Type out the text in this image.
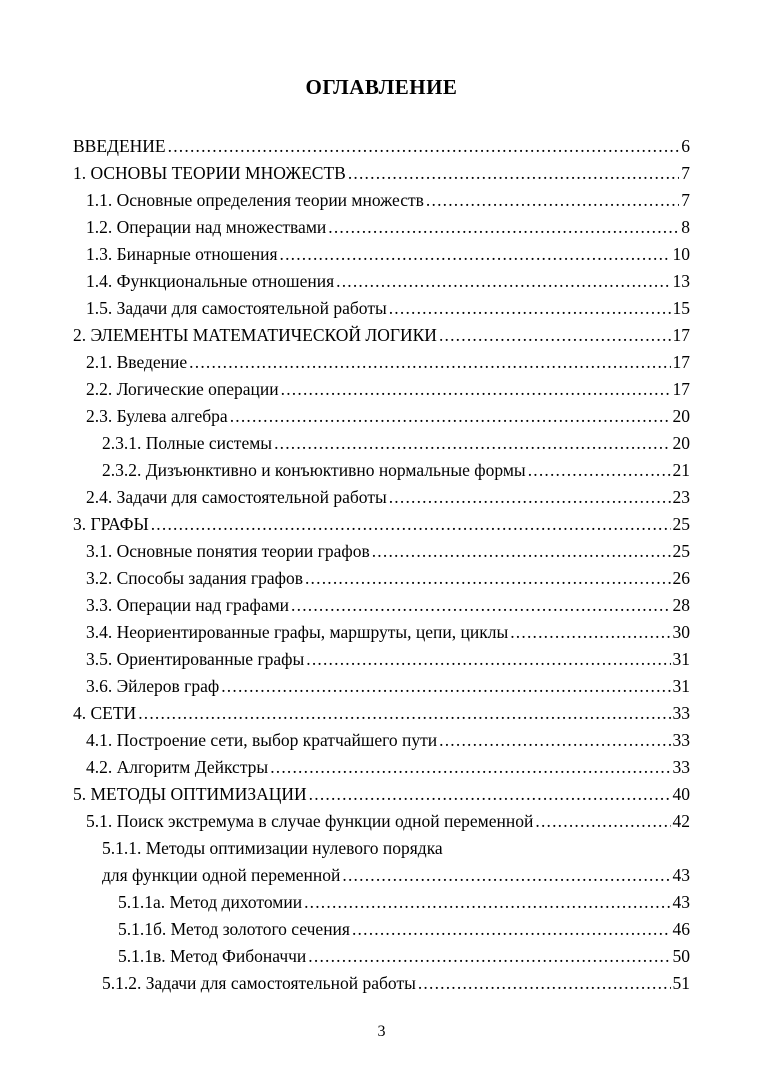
ОГЛАВЛЕНИЕ
ВВЕДЕНИЕ .....	6
1. ОСНОВЫ ТЕОРИИ МНОЖЕСТВ .....	7
1.1. Основные определения теории множеств .....	7
1.2. Операции над множествами .....	8
1.3. Бинарные отношения .....	10
1.4. Функциональные отношения .....	13
1.5. Задачи для самостоятельной работы .....	15
2. ЭЛЕМЕНТЫ МАТЕМАТИЧЕСКОЙ ЛОГИКИ .....	17
2.1. Введение .....	17
2.2. Логические операции .....	17
2.3. Булева алгебра .....	20
2.3.1. Полные системы .....	20
2.3.2. Дизъюнктивно и конъюктивно нормальные формы .....	21
2.4. Задачи для самостоятельной работы .....	23
3. ГРАФЫ .....	25
3.1. Основные понятия теории графов .....	25
3.2. Способы задания графов .....	26
3.3. Операции над графами .....	28
3.4. Неориентированные графы, маршруты, цепи, циклы .....	30
3.5. Ориентированные графы .....	31
3.6. Эйлеров граф .....	31
4. СЕТИ .....	33
4.1. Построение сети, выбор кратчайшего пути .....	33
4.2. Алгоритм Дейкстры .....	33
5. МЕТОДЫ ОПТИМИЗАЦИИ .....	40
5.1. Поиск экстремума в случае функции одной переменной .....	42
5.1.1. Методы оптимизации нулевого порядка
для функции одной переменной .....	43
5.1.1а. Метод дихотомии .....	43
5.1.1б. Метод золотого сечения .....	46
5.1.1в. Метод Фибоначчи .....	50
5.1.2. Задачи для самостоятельной работы .....	51
3
